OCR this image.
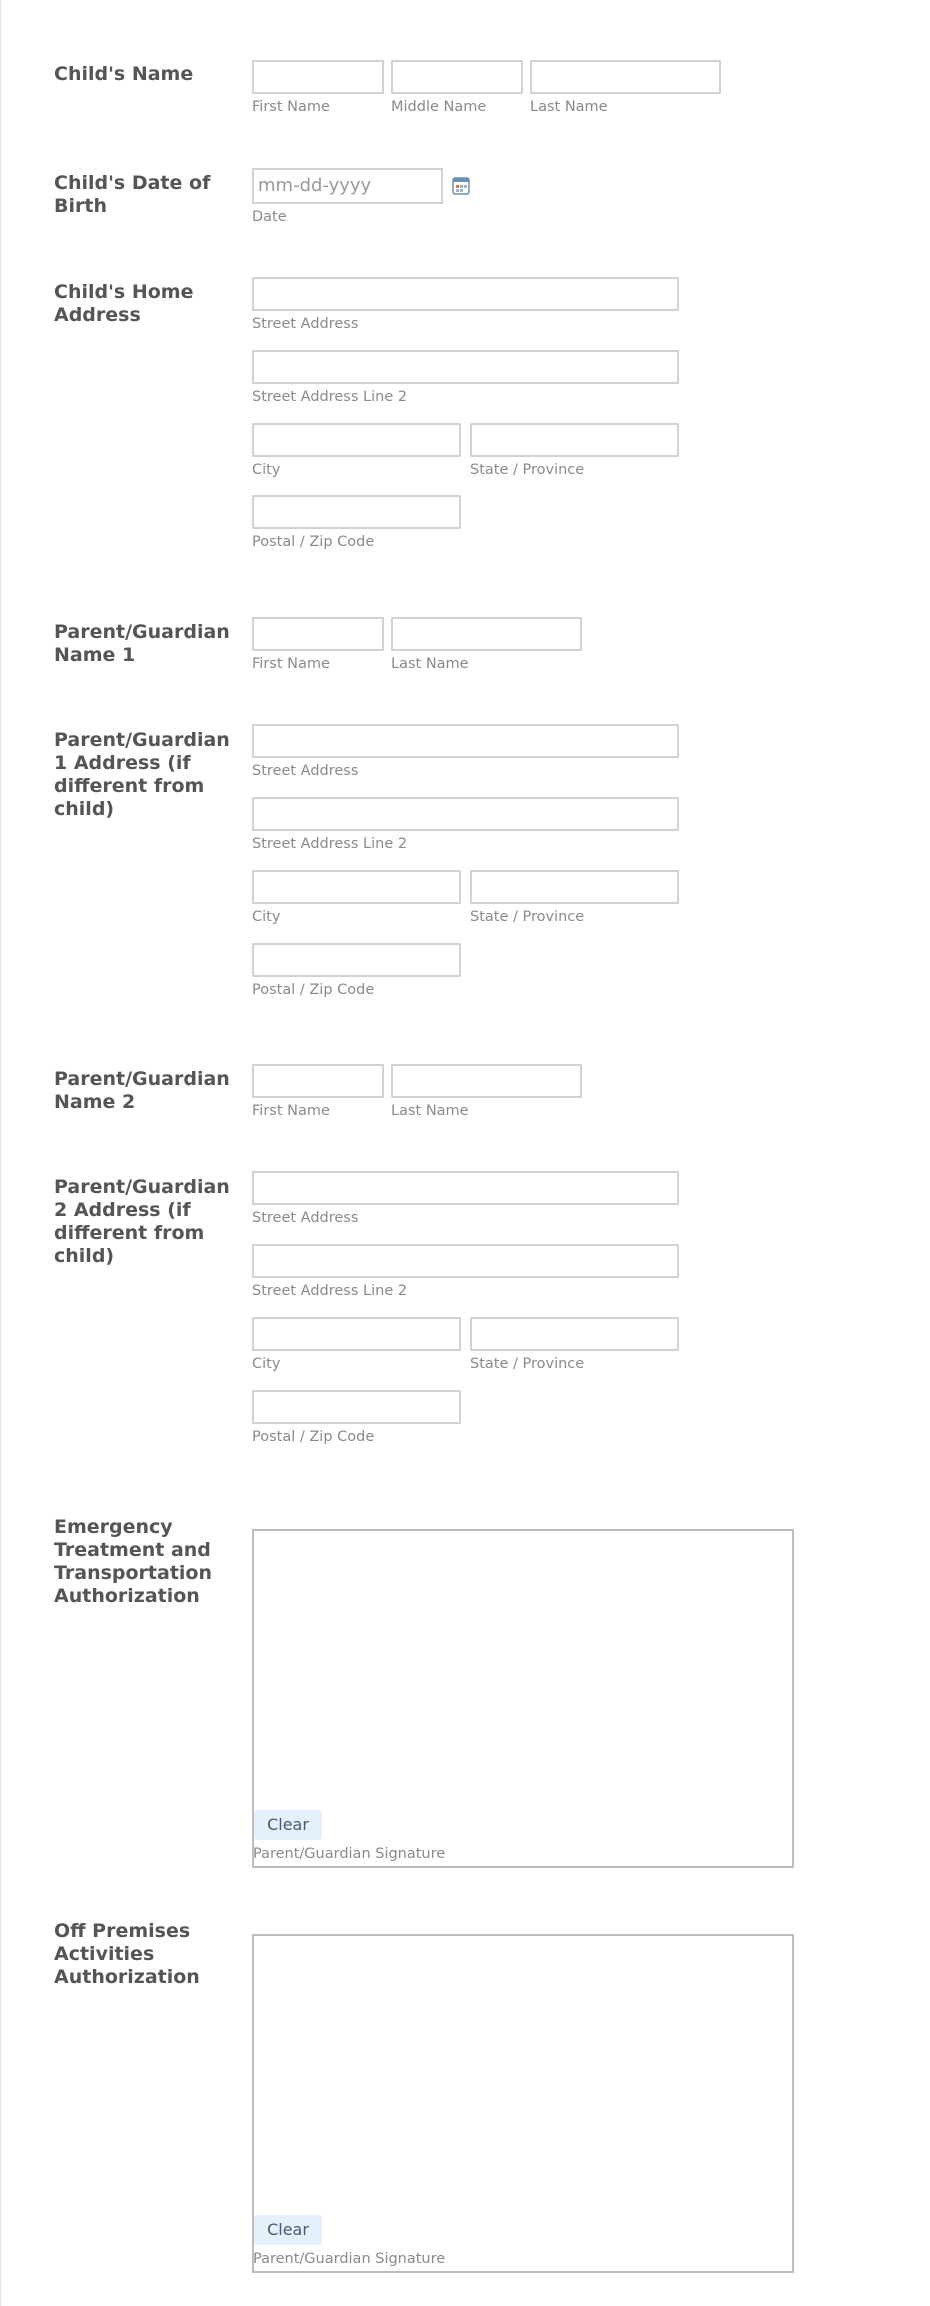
Child's Name
First Name	Middle Name	Last Name
Child's Date of Birth
mm-dd-yyyy
Date
Child's Home Address	Street Address
Street Address Line 2
City	State / Province
Postal / Zip Code
Parent/Guardian Name 1	First Name	Last Name
Parent/Guardian 1 Address (if different from child)
Street Address
Street Address Line 2
City	State / Province
Postal / Zip Code
Parent/Guardian Name 2	First Name	Last Name
Parent/Guardian 2 Address (if different from child)
Street Address
Street Address Line 2
City	State / Province
Postal / Zip Code
Emergency Treatment and Transportation Authorization
Clear
Parent/Guardian Signature
Off Premises Activities Authorization
Clear
Parent/Guardian Signature
